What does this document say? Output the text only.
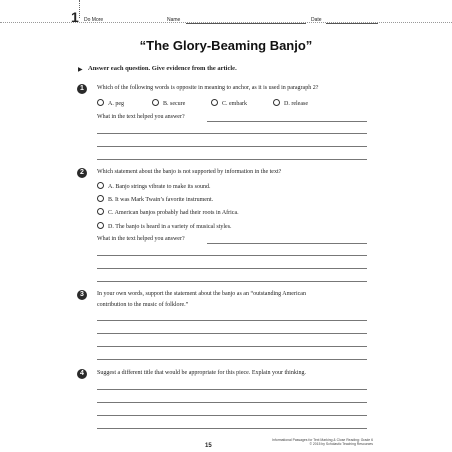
1 Do More	Name	Date
“The Glory-Beaming Banjo”
▶ Answer each question. Give evidence from the article.
1	Which of the following words is opposite in meaning to anchor, as it is used in paragraph 2?
A. peg	B. secure	C. embark	D. release
What in the text helped you answer?
2	Which statement about the banjo is not supported by information in the text?
A. Banjo strings vibrate to make its sound.
B. It was Mark Twain’s favorite instrument.
C. American banjos probably had their roots in Africa.
D. The banjo is heard in a variety of musical styles.
What in the text helped you answer?
3	In your own words, support the statement about the banjo as an “outstanding American
contribution to the music of folklore.”
4	Suggest a different title that would be appropriate for this piece. Explain your thinking.
15
Informational Passages for Text Marking & Close Reading: Grade 6
© 2015 by Scholastic Teaching Resources
